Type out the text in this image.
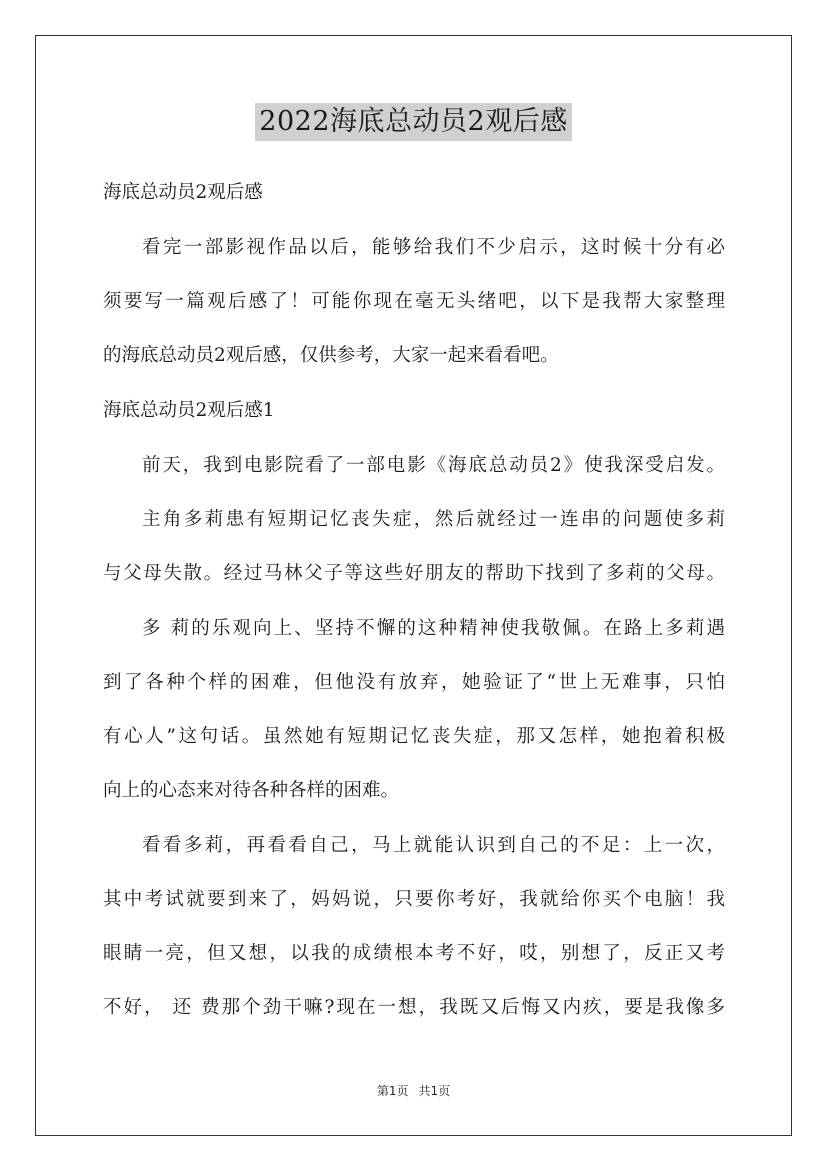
2022海底总动员2观后感
海底总动员2观后感
看完一部影视作品以后，能够给我们不少启示，这时候十分有必
须要写一篇观后感了！可能你现在毫无头绪吧，以下是我帮大家整理
的海底总动员2观后感，仅供参考，大家一起来看看吧。
海底总动员2观后感1
前天，我到电影院看了一部电影《海底总动员2》使我深受启发。
主角多莉患有短期记忆丧失症，然后就经过一连串的问题使多莉
与父母失散。经过马林父子等这些好朋友的帮助下找到了多莉的父母。
多 莉的乐观向上、坚持不懈的这种精神使我敬佩。在路上多莉遇
到了各种个样的困难，但他没有放弃，她验证了“世上无难事，只怕
有心人”这句话。虽然她有短期记忆丧失症，那又怎样，她抱着积极
向上的心态来对待各种各样的困难。
看看多莉，再看看自己，马上就能认识到自己的不足：上一次，
其中考试就要到来了，妈妈说，只要你考好，我就给你买个电脑！我
眼睛一亮，但又想，以我的成绩根本考不好，哎，别想了，反正又考
不好， 还 费那个劲干嘛?现在一想，我既又后悔又内疚，要是我像多
第1页 共1页
